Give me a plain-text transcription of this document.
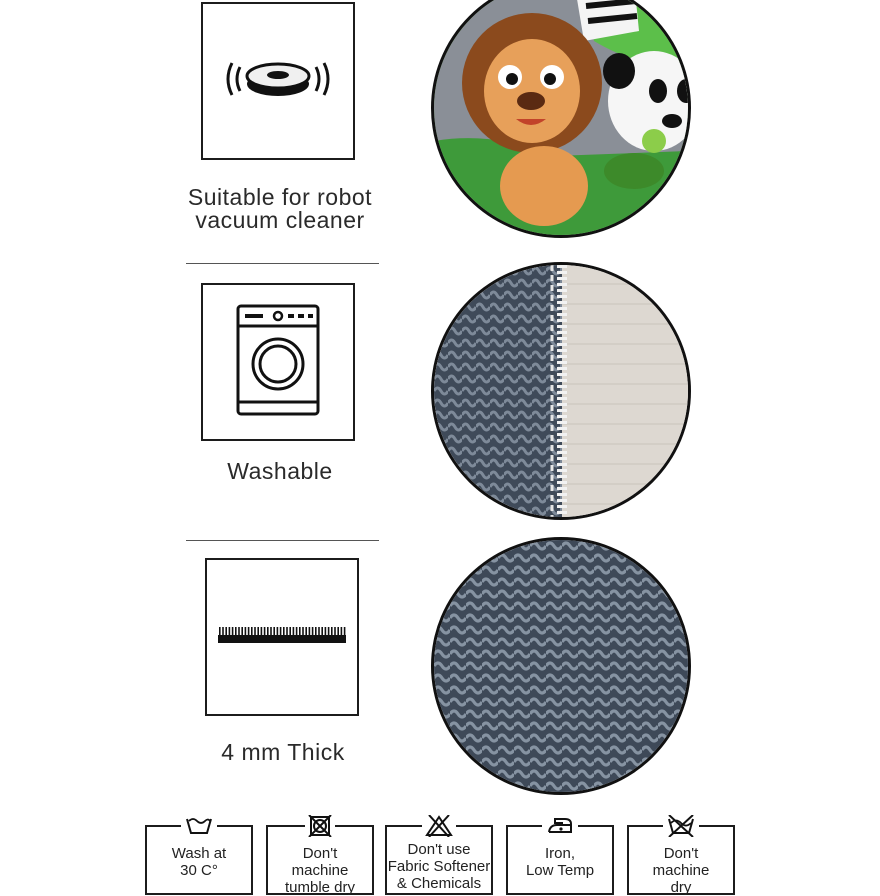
Suitable for robot
vacuum cleaner
Washable
4 mm Thick
Wash at
30 C°
Don't
machine
tumble dry
Don't use
Fabric Softener
& Chemicals
Iron,
Low Temp
Don't
machine
dry
